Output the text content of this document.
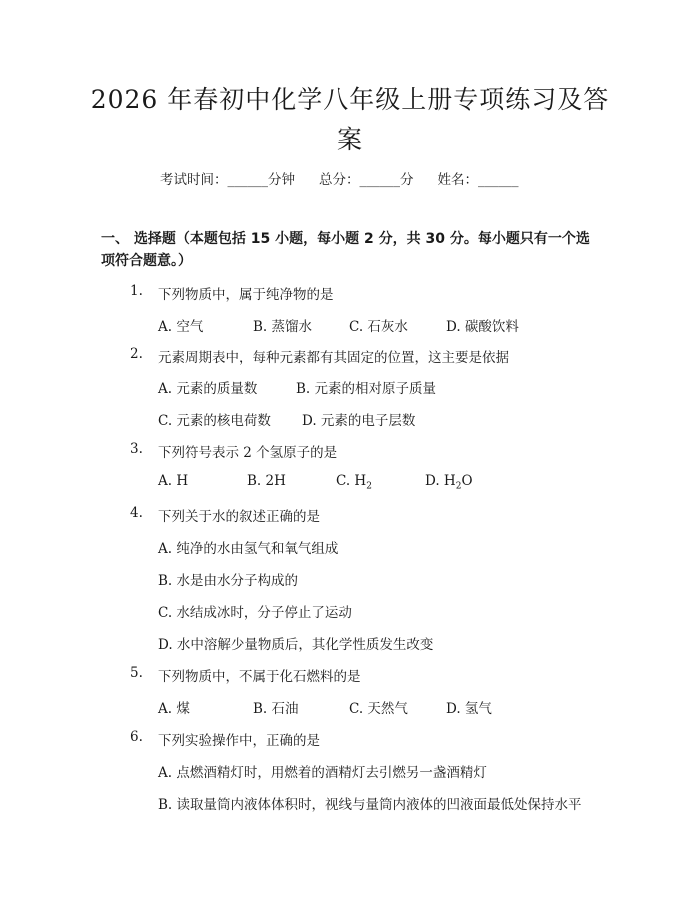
2026 年春初中化学八年级上册专项练习及答案
考试时间：______分钟 总分：______分 姓名：______
一、 选择题（本题包括 15 小题，每小题 2 分，共 30 分。每小题只有一个选项符合题意。）
1. 下列物质中，属于纯净物的是
A. 空气	B. 蒸馏水	C. 石灰水	D. 碳酸饮料
2. 元素周期表中，每种元素都有其固定的位置，这主要是依据
A. 元素的质量数	B. 元素的相对原子质量
C. 元素的核电荷数 D. 元素的电子层数
3. 下列符号表示 2 个氢原子的是
A. H	B. 2H	C. $H_2$	D. $H_2O$
4. 下列关于水的叙述正确的是
A. 纯净的水由氢气和氧气组成
B. 水是由水分子构成的
C. 水结成冰时，分子停止了运动
D. 水中溶解少量物质后，其化学性质发生改变
5. 下列物质中，不属于化石燃料的是
A. 煤	B. 石油	C. 天然气	D. 氢气
6. 下列实验操作中，正确的是
A. 点燃酒精灯时，用燃着的酒精灯去引燃另一盏酒精灯
B. 读取量筒内液体体积时，视线与量筒内液体的凹液面最低处保持水平
